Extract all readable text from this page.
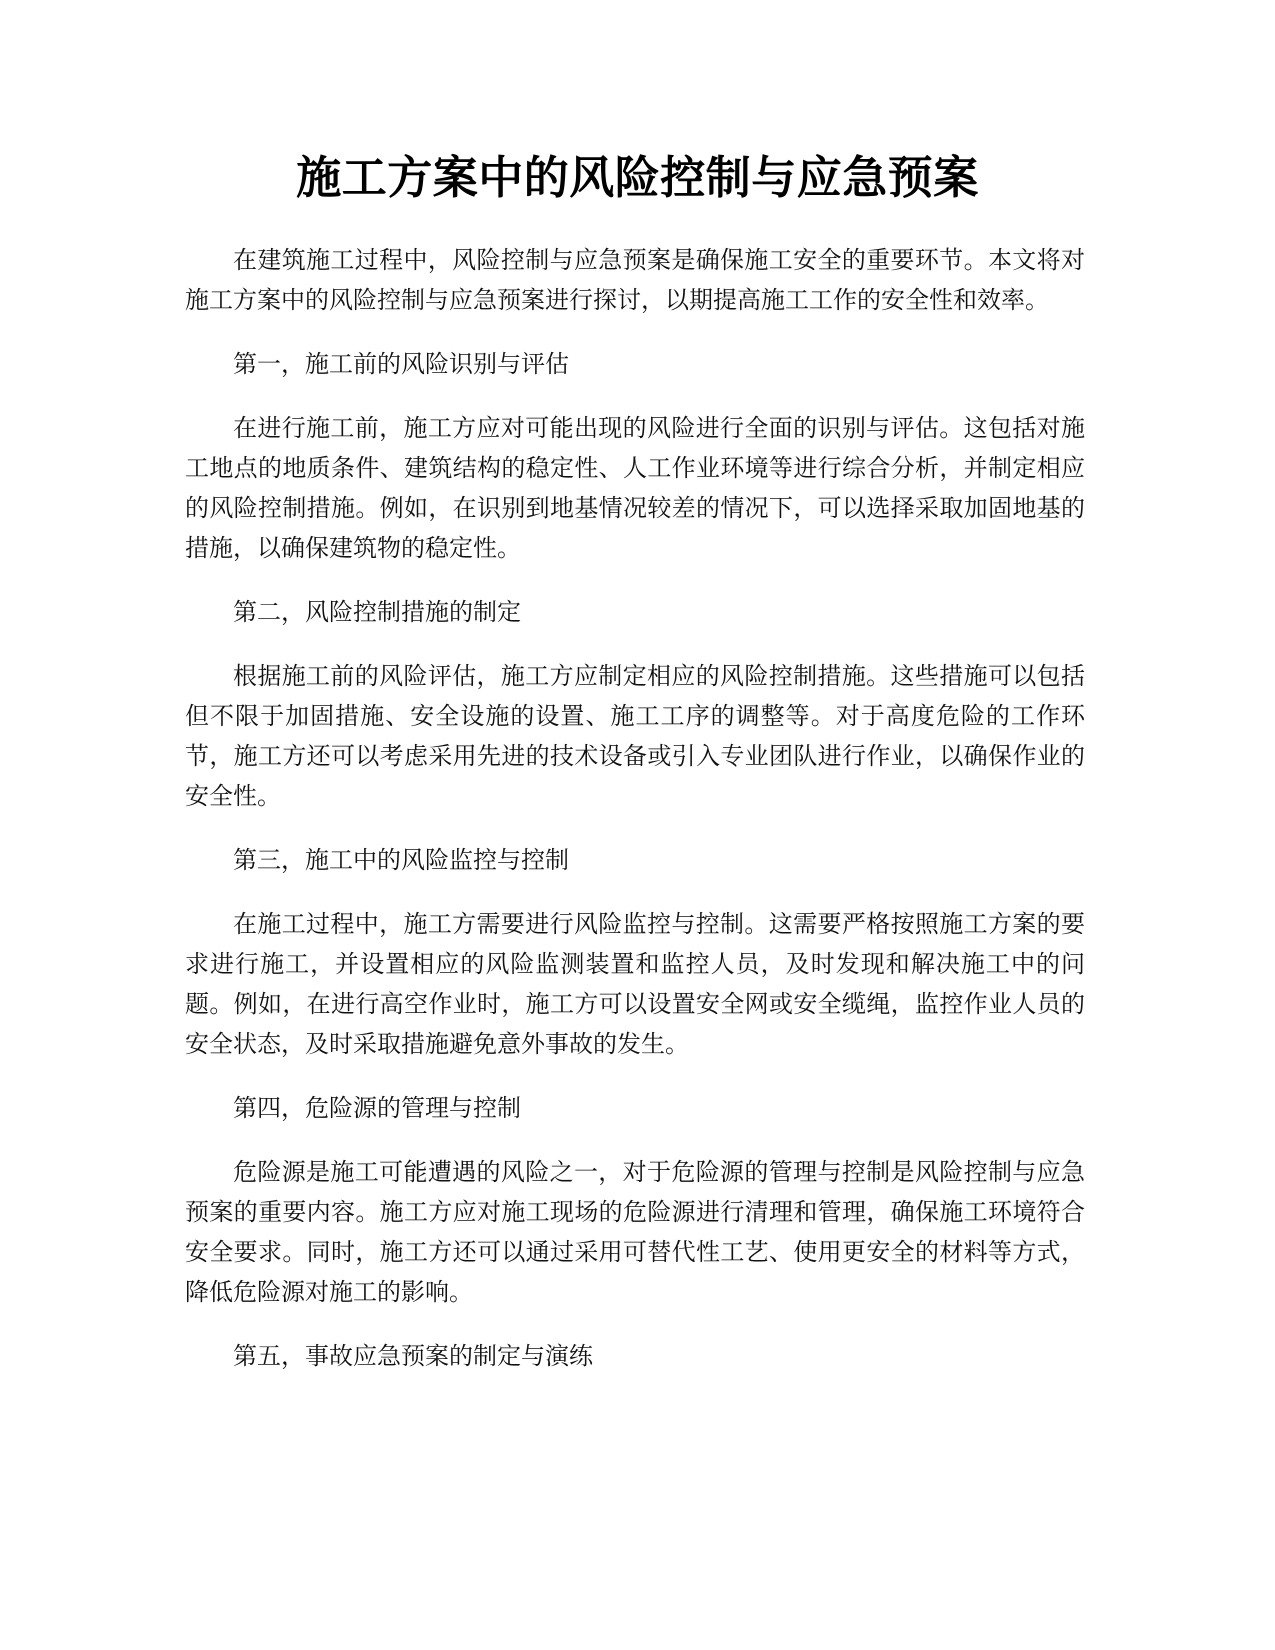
施工方案中的风险控制与应急预案

在建筑施工过程中，风险控制与应急预案是确保施工安全的重要环节。本文将对施工方案中的风险控制与应急预案进行探讨，以期提高施工工作的安全性和效率。

第一，施工前的风险识别与评估

在进行施工前，施工方应对可能出现的风险进行全面的识别与评估。这包括对施工地点的地质条件、建筑结构的稳定性、人工作业环境等进行综合分析，并制定相应的风险控制措施。例如，在识别到地基情况较差的情况下，可以选择采取加固地基的措施，以确保建筑物的稳定性。

第二，风险控制措施的制定

根据施工前的风险评估，施工方应制定相应的风险控制措施。这些措施可以包括但不限于加固措施、安全设施的设置、施工工序的调整等。对于高度危险的工作环节，施工方还可以考虑采用先进的技术设备或引入专业团队进行作业，以确保作业的安全性。

第三，施工中的风险监控与控制

在施工过程中，施工方需要进行风险监控与控制。这需要严格按照施工方案的要求进行施工，并设置相应的风险监测装置和监控人员，及时发现和解决施工中的问题。例如，在进行高空作业时，施工方可以设置安全网或安全缆绳，监控作业人员的安全状态，及时采取措施避免意外事故的发生。

第四，危险源的管理与控制

危险源是施工可能遭遇的风险之一，对于危险源的管理与控制是风险控制与应急预案的重要内容。施工方应对施工现场的危险源进行清理和管理，确保施工环境符合安全要求。同时，施工方还可以通过采用可替代性工艺、使用更安全的材料等方式，降低危险源对施工的影响。

第五，事故应急预案的制定与演练
